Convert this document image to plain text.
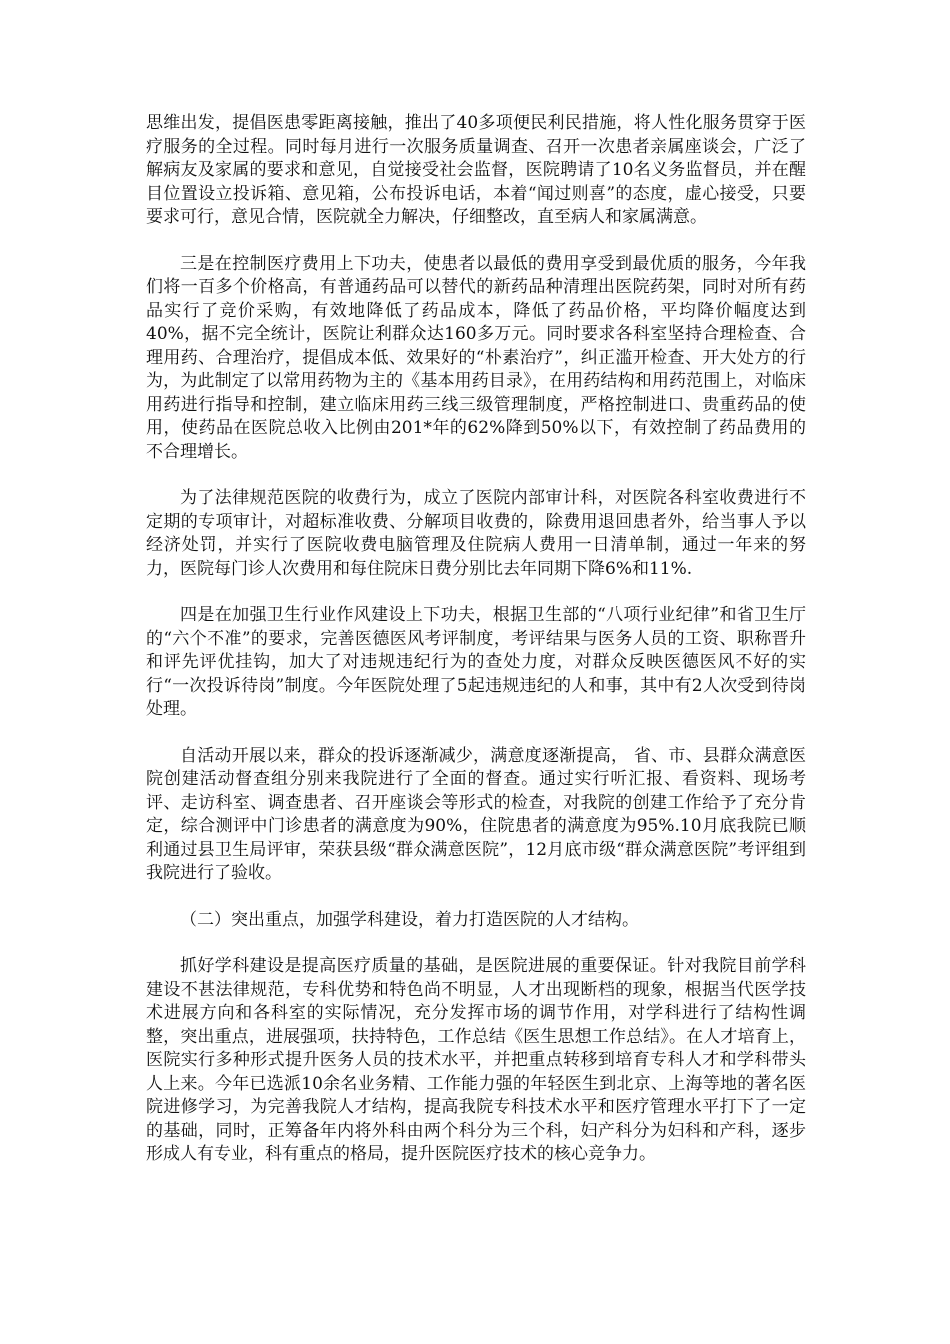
思维出发，提倡医患零距离接触，推出了40多项便民利民措施，将人性化服务贯穿于医疗服务的全过程。同时每月进行一次服务质量调查、召开一次患者亲属座谈会，广泛了解病友及家属的要求和意见，自觉接受社会监督，医院聘请了10名义务监督员，并在醒目位置设立投诉箱、意见箱，公布投诉电话，本着“闻过则喜”的态度，虚心接受，只要要求可行，意见合情，医院就全力解决，仔细整改，直至病人和家属满意。

三是在控制医疗费用上下功夫，使患者以最低的费用享受到最优质的服务，今年我们将一百多个价格高，有普通药品可以替代的新药品种清理出医院药架，同时对所有药品实行了竞价采购，有效地降低了药品成本，降低了药品价格，平均降价幅度达到40%，据不完全统计，医院让利群众达160多万元。同时要求各科室坚持合理检查、合理用药、合理治疗，提倡成本低、效果好的“朴素治疗”，纠正滥开检查、开大处方的行为，为此制定了以常用药物为主的《基本用药目录》，在用药结构和用药范围上，对临床用药进行指导和控制，建立临床用药三线三级管理制度，严格控制进口、贵重药品的使用，使药品在医院总收入比例由201*年的62%降到50%以下，有效控制了药品费用的不合理增长。

为了法律规范医院的收费行为，成立了医院内部审计科，对医院各科室收费进行不定期的专项审计，对超标准收费、分解项目收费的，除费用退回患者外，给当事人予以经济处罚，并实行了医院收费电脑管理及住院病人费用一日清单制，通过一年来的努力，医院每门诊人次费用和每住院床日费分别比去年同期下降6%和11%.

四是在加强卫生行业作风建设上下功夫，根据卫生部的“八项行业纪律”和省卫生厅的“六个不准”的要求，完善医德医风考评制度，考评结果与医务人员的工资、职称晋升和评先评优挂钩，加大了对违规违纪行为的查处力度，对群众反映医德医风不好的实行“一次投诉待岗”制度。今年医院处理了5起违规违纪的人和事，其中有2人次受到待岗处理。

自活动开展以来，群众的投诉逐渐减少，满意度逐渐提高， 省、市、县群众满意医院创建活动督查组分别来我院进行了全面的督查。通过实行听汇报、看资料、现场考评、走访科室、调查患者、召开座谈会等形式的检查，对我院的创建工作给予了充分肯定，综合测评中门诊患者的满意度为90%，住院患者的满意度为95%.10月底我院已顺利通过县卫生局评审，荣获县级“群众满意医院”，12月底市级“群众满意医院”考评组到我院进行了验收。

（二）突出重点，加强学科建设，着力打造医院的人才结构。

抓好学科建设是提高医疗质量的基础，是医院进展的重要保证。针对我院目前学科建设不甚法律规范，专科优势和特色尚不明显，人才出现断档的现象，根据当代医学技术进展方向和各科室的实际情况，充分发挥市场的调节作用，对学科进行了结构性调整，突出重点，进展强项，扶持特色，工作总结《医生思想工作总结》。在人才培育上，医院实行多种形式提升医务人员的技术水平，并把重点转移到培育专科人才和学科带头人上来。今年已选派10余名业务精、工作能力强的年轻医生到北京、上海等地的著名医院进修学习，为完善我院人才结构，提高我院专科技术水平和医疗管理水平打下了一定的基础，同时，正筹备年内将外科由两个科分为三个科，妇产科分为妇科和产科，逐步形成人有专业，科有重点的格局，提升医院医疗技术的核心竞争力。
